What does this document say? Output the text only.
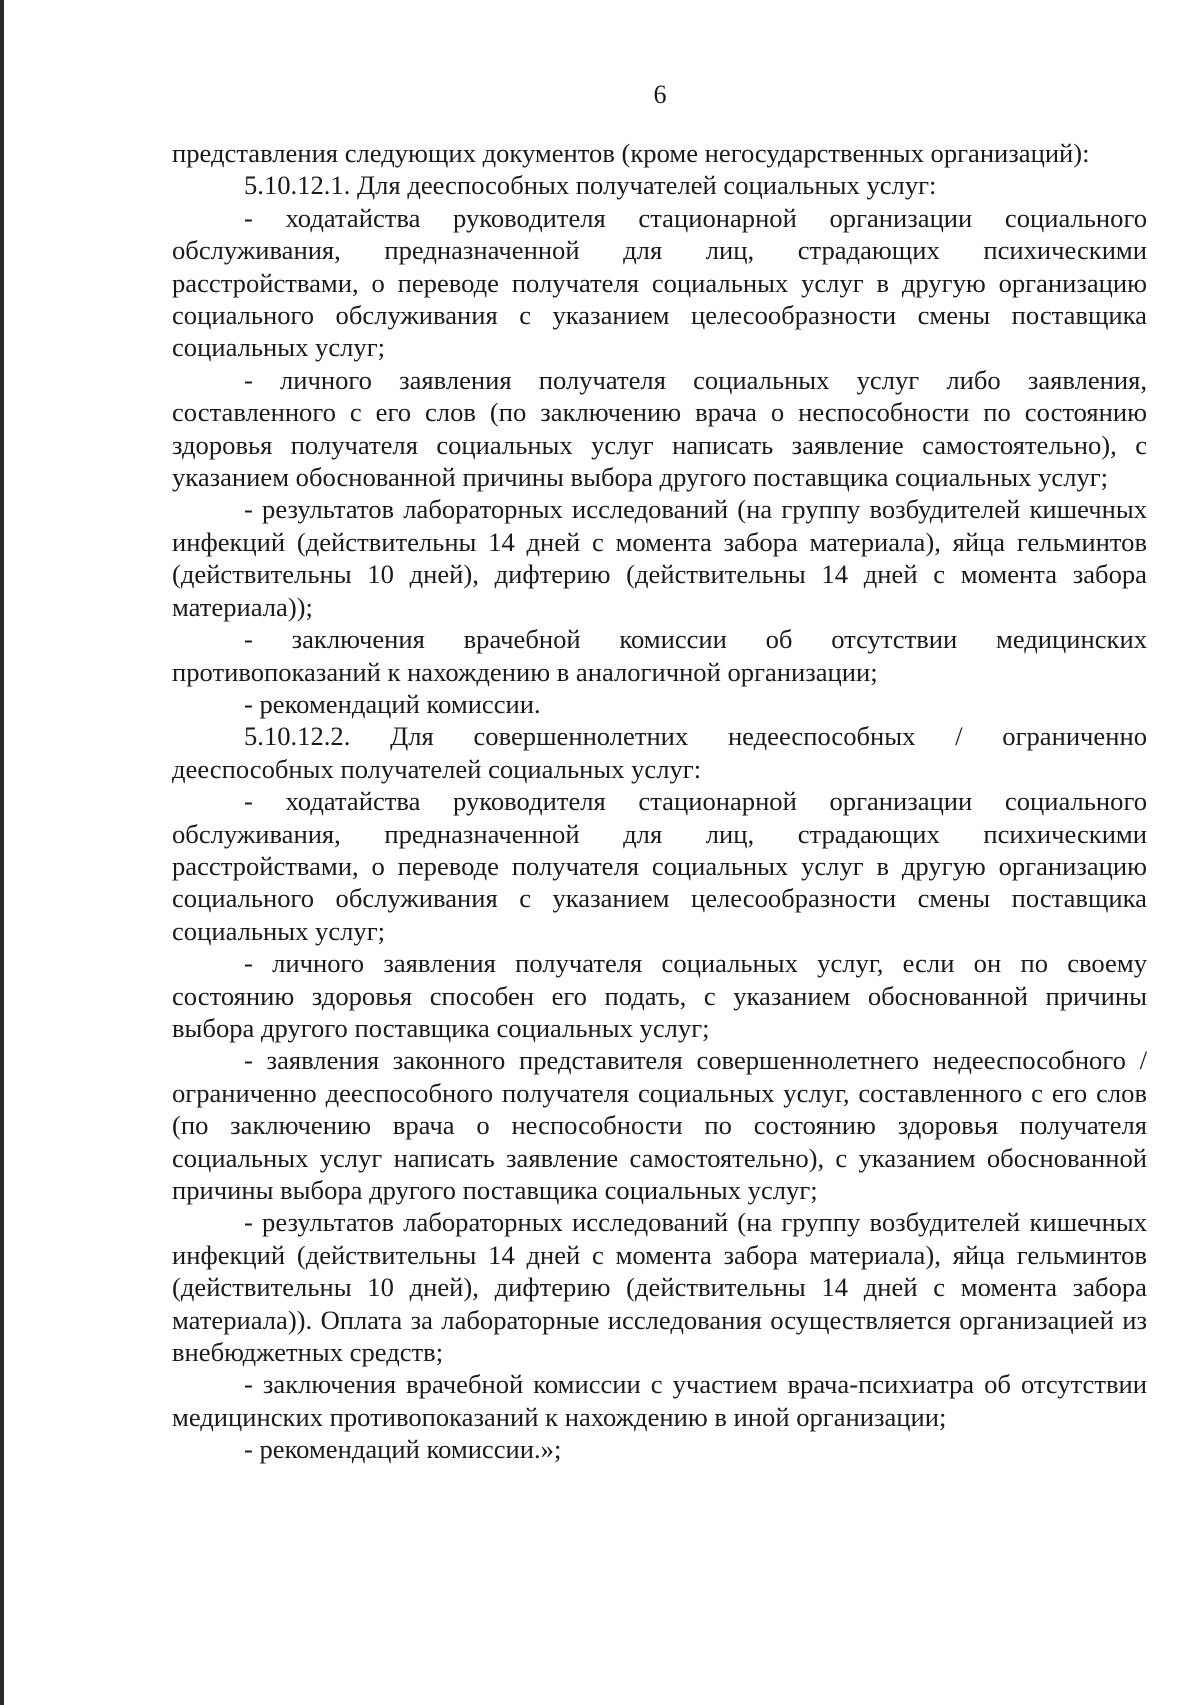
6

представления следующих документов (кроме негосударственных организаций):

5.10.12.1. Для дееспособных получателей социальных услуг:

- ходатайства руководителя стационарной организации социального обслуживания, предназначенной для лиц, страдающих психическими расстройствами, о переводе получателя социальных услуг в другую организацию социального обслуживания с указанием целесообразности смены поставщика социальных услуг;

- личного заявления получателя социальных услуг либо заявления, составленного с его слов (по заключению врача о неспособности по состоянию здоровья получателя социальных услуг написать заявление самостоятельно), с указанием обоснованной причины выбора другого поставщика социальных услуг;

- результатов лабораторных исследований (на группу возбудителей кишечных инфекций (действительны 14 дней с момента забора материала), яйца гельминтов (действительны 10 дней), дифтерию (действительны 14 дней с момента забора материала));

- заключения врачебной комиссии об отсутствии медицинских противопоказаний к нахождению в аналогичной организации;

- рекомендаций комиссии.

5.10.12.2. Для совершеннолетних недееспособных / ограниченно дееспособных получателей социальных услуг:

- ходатайства руководителя стационарной организации социального обслуживания, предназначенной для лиц, страдающих психическими расстройствами, о переводе получателя социальных услуг в другую организацию социального обслуживания с указанием целесообразности смены поставщика социальных услуг;

- личного заявления получателя социальных услуг, если он по своему состоянию здоровья способен его подать, с указанием обоснованной причины выбора другого поставщика социальных услуг;

- заявления законного представителя совершеннолетнего недееспособного / ограниченно дееспособного получателя социальных услуг, составленного с его слов (по заключению врача о неспособности по состоянию здоровья получателя социальных услуг написать заявление самостоятельно), с указанием обоснованной причины выбора другого поставщика социальных услуг;

- результатов лабораторных исследований (на группу возбудителей кишечных инфекций (действительны 14 дней с момента забора материала), яйца гельминтов (действительны 10 дней), дифтерию (действительны 14 дней с момента забора материала)). Оплата за лабораторные исследования осуществляется организацией из внебюджетных средств;

- заключения врачебной комиссии с участием врача-психиатра об отсутствии медицинских противопоказаний к нахождению в иной организации;

- рекомендаций комиссии.»;
